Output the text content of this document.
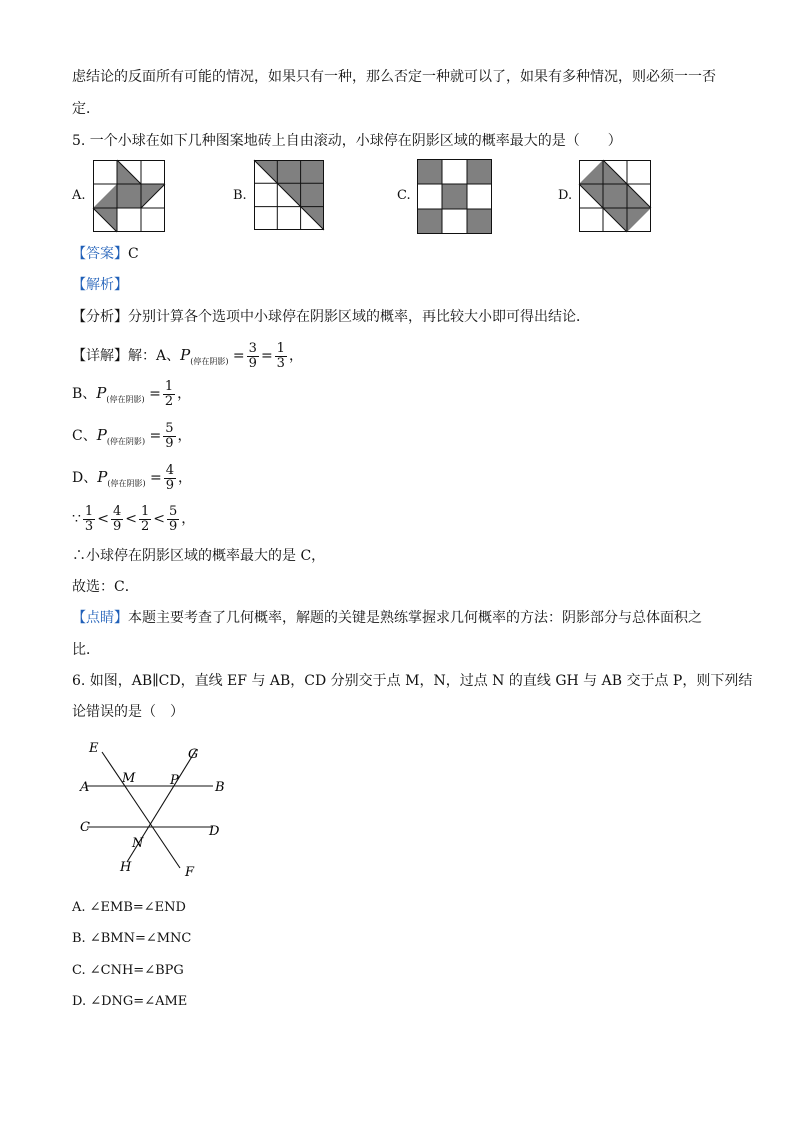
虑结论的反面所有可能的情况，如果只有一种，那么否定一种就可以了，如果有多种情况，则必须一一否
定．
5. 一个小球在如下几种图案地砖上自由滚动，小球停在阴影区域的概率最大的是（　　）
A.	B.	C.	D.
【答案】C
【解析】
【分析】分别计算各个选项中小球停在阴影区域的概率，再比较大小即可得出结论．
【详解】解：A、$P_{(停在阴影)} = \frac{3}{9} = \frac{1}{3}$ ，
B、$P_{(停在阴影)} = \frac{1}{2}$ ，
C、$P_{(停在阴影)} = \frac{5}{9}$ ，
D、$P_{(停在阴影)} = \frac{4}{9}$ ，
∵ $\frac{1}{3} < \frac{4}{9} < \frac{1}{2} < \frac{5}{9}$ ，
∴小球停在阴影区域的概率最大的是 C，
故选：C．
【点睛】本题主要考查了几何概率，解题的关键是熟练掌握求几何概率的方法：阴影部分与总体面积之
比．
6. 如图，AB∥CD，直线 EF 与 AB，CD 分别交于点 M，N，过点 N 的直线 GH 与 AB 交于点 P，则下列结
论错误的是（　）
E	G
A
M	P	B
C
N
D
H	F
A. ∠EMB=∠END
B. ∠BMN=∠MNC
C. ∠CNH=∠BPG
D. ∠DNG=∠AME
